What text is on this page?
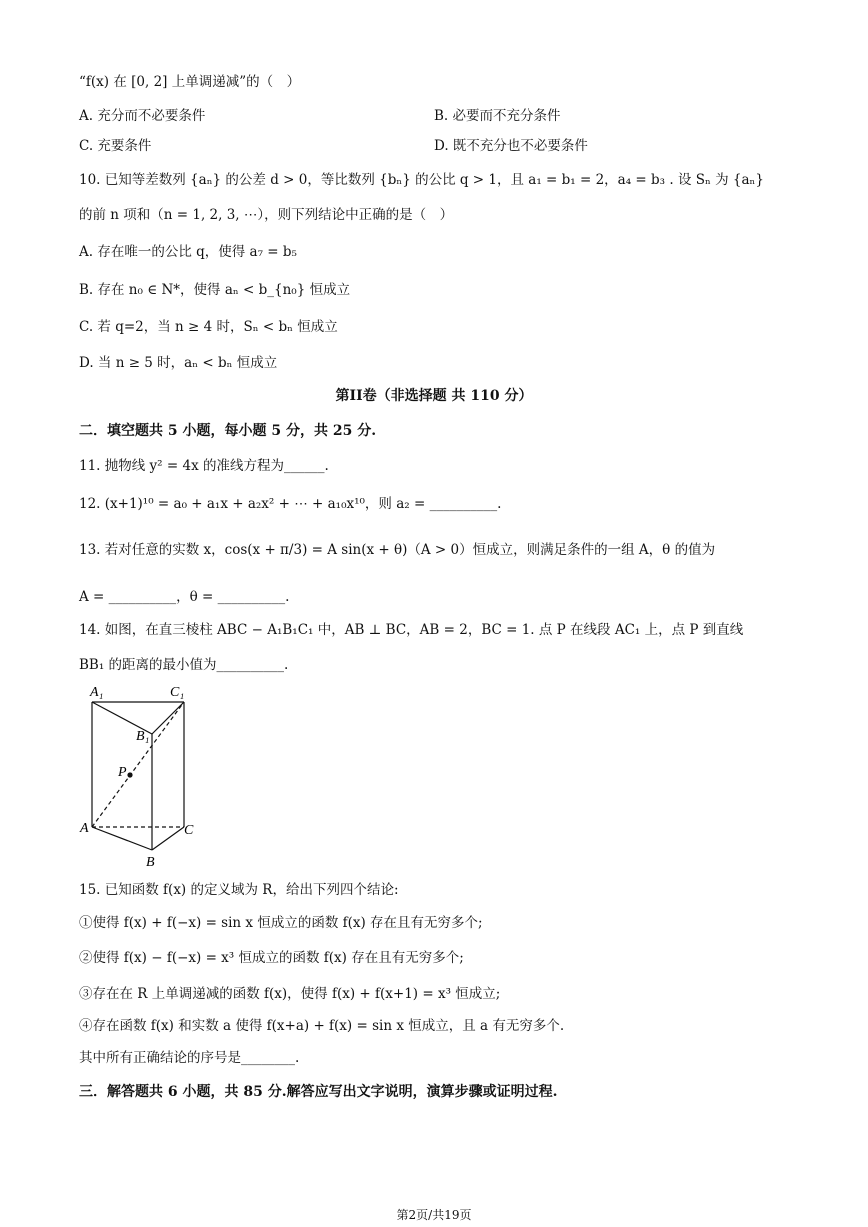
“f(x) 在 [0, 2] 上单调递减”的（　）
A. 充分而不必要条件	B. 必要而不充分条件
C. 充要条件	D. 既不充分也不必要条件
10. 已知等差数列 {aₙ} 的公差 d > 0，等比数列 {bₙ} 的公比 q > 1，且 a₁ = b₁ = 2，a₄ = b₃ . 设 Sₙ 为 {aₙ}
的前 n 项和（n = 1, 2, 3, ⋯），则下列结论中正确的是（　）
A. 存在唯一的公比 q，使得 a₇ = b₅
B. 存在 n₀ ∈ N*，使得 aₙ < b_{n₀} 恒成立
C. 若 q=2，当 n ≥ 4 时，Sₙ < bₙ 恒成立
D. 当 n ≥ 5 时，aₙ < bₙ 恒成立
第II卷（非选择题 共 110 分）
二．填空题共 5 小题，每小题 5 分，共 25 分.
11. 抛物线 y² = 4x 的准线方程为______.
12. (x+1)¹⁰ = a₀ + a₁x + a₂x² + ⋯ + a₁₀x¹⁰，则 a₂ = __________.
13. 若对任意的实数 x，cos(x + π/3) = A sin(x + θ)（A > 0）恒成立，则满足条件的一组 A，θ 的值为
A = __________，θ = __________.
14. 如图，在直三棱柱 ABC − A₁B₁C₁ 中，AB ⊥ BC，AB = 2，BC = 1. 点 P 在线段 AC₁ 上，点 P 到直线
BB₁ 的距离的最小值为__________.
A₁	C₁
B₁
P
A	C
B
15. 已知函数 f(x) 的定义域为 R，给出下列四个结论:
①使得 f(x) + f(−x) = sin x 恒成立的函数 f(x) 存在且有无穷多个;
②使得 f(x) − f(−x) = x³ 恒成立的函数 f(x) 存在且有无穷多个;
③存在在 R 上单调递减的函数 f(x)，使得 f(x) + f(x+1) = x³ 恒成立;
④存在函数 f(x) 和实数 a 使得 f(x+a) + f(x) = sin x 恒成立，且 a 有无穷多个.
其中所有正确结论的序号是________.
三．解答题共 6 小题，共 85 分.解答应写出文字说明，演算步骤或证明过程.
第2页/共19页
